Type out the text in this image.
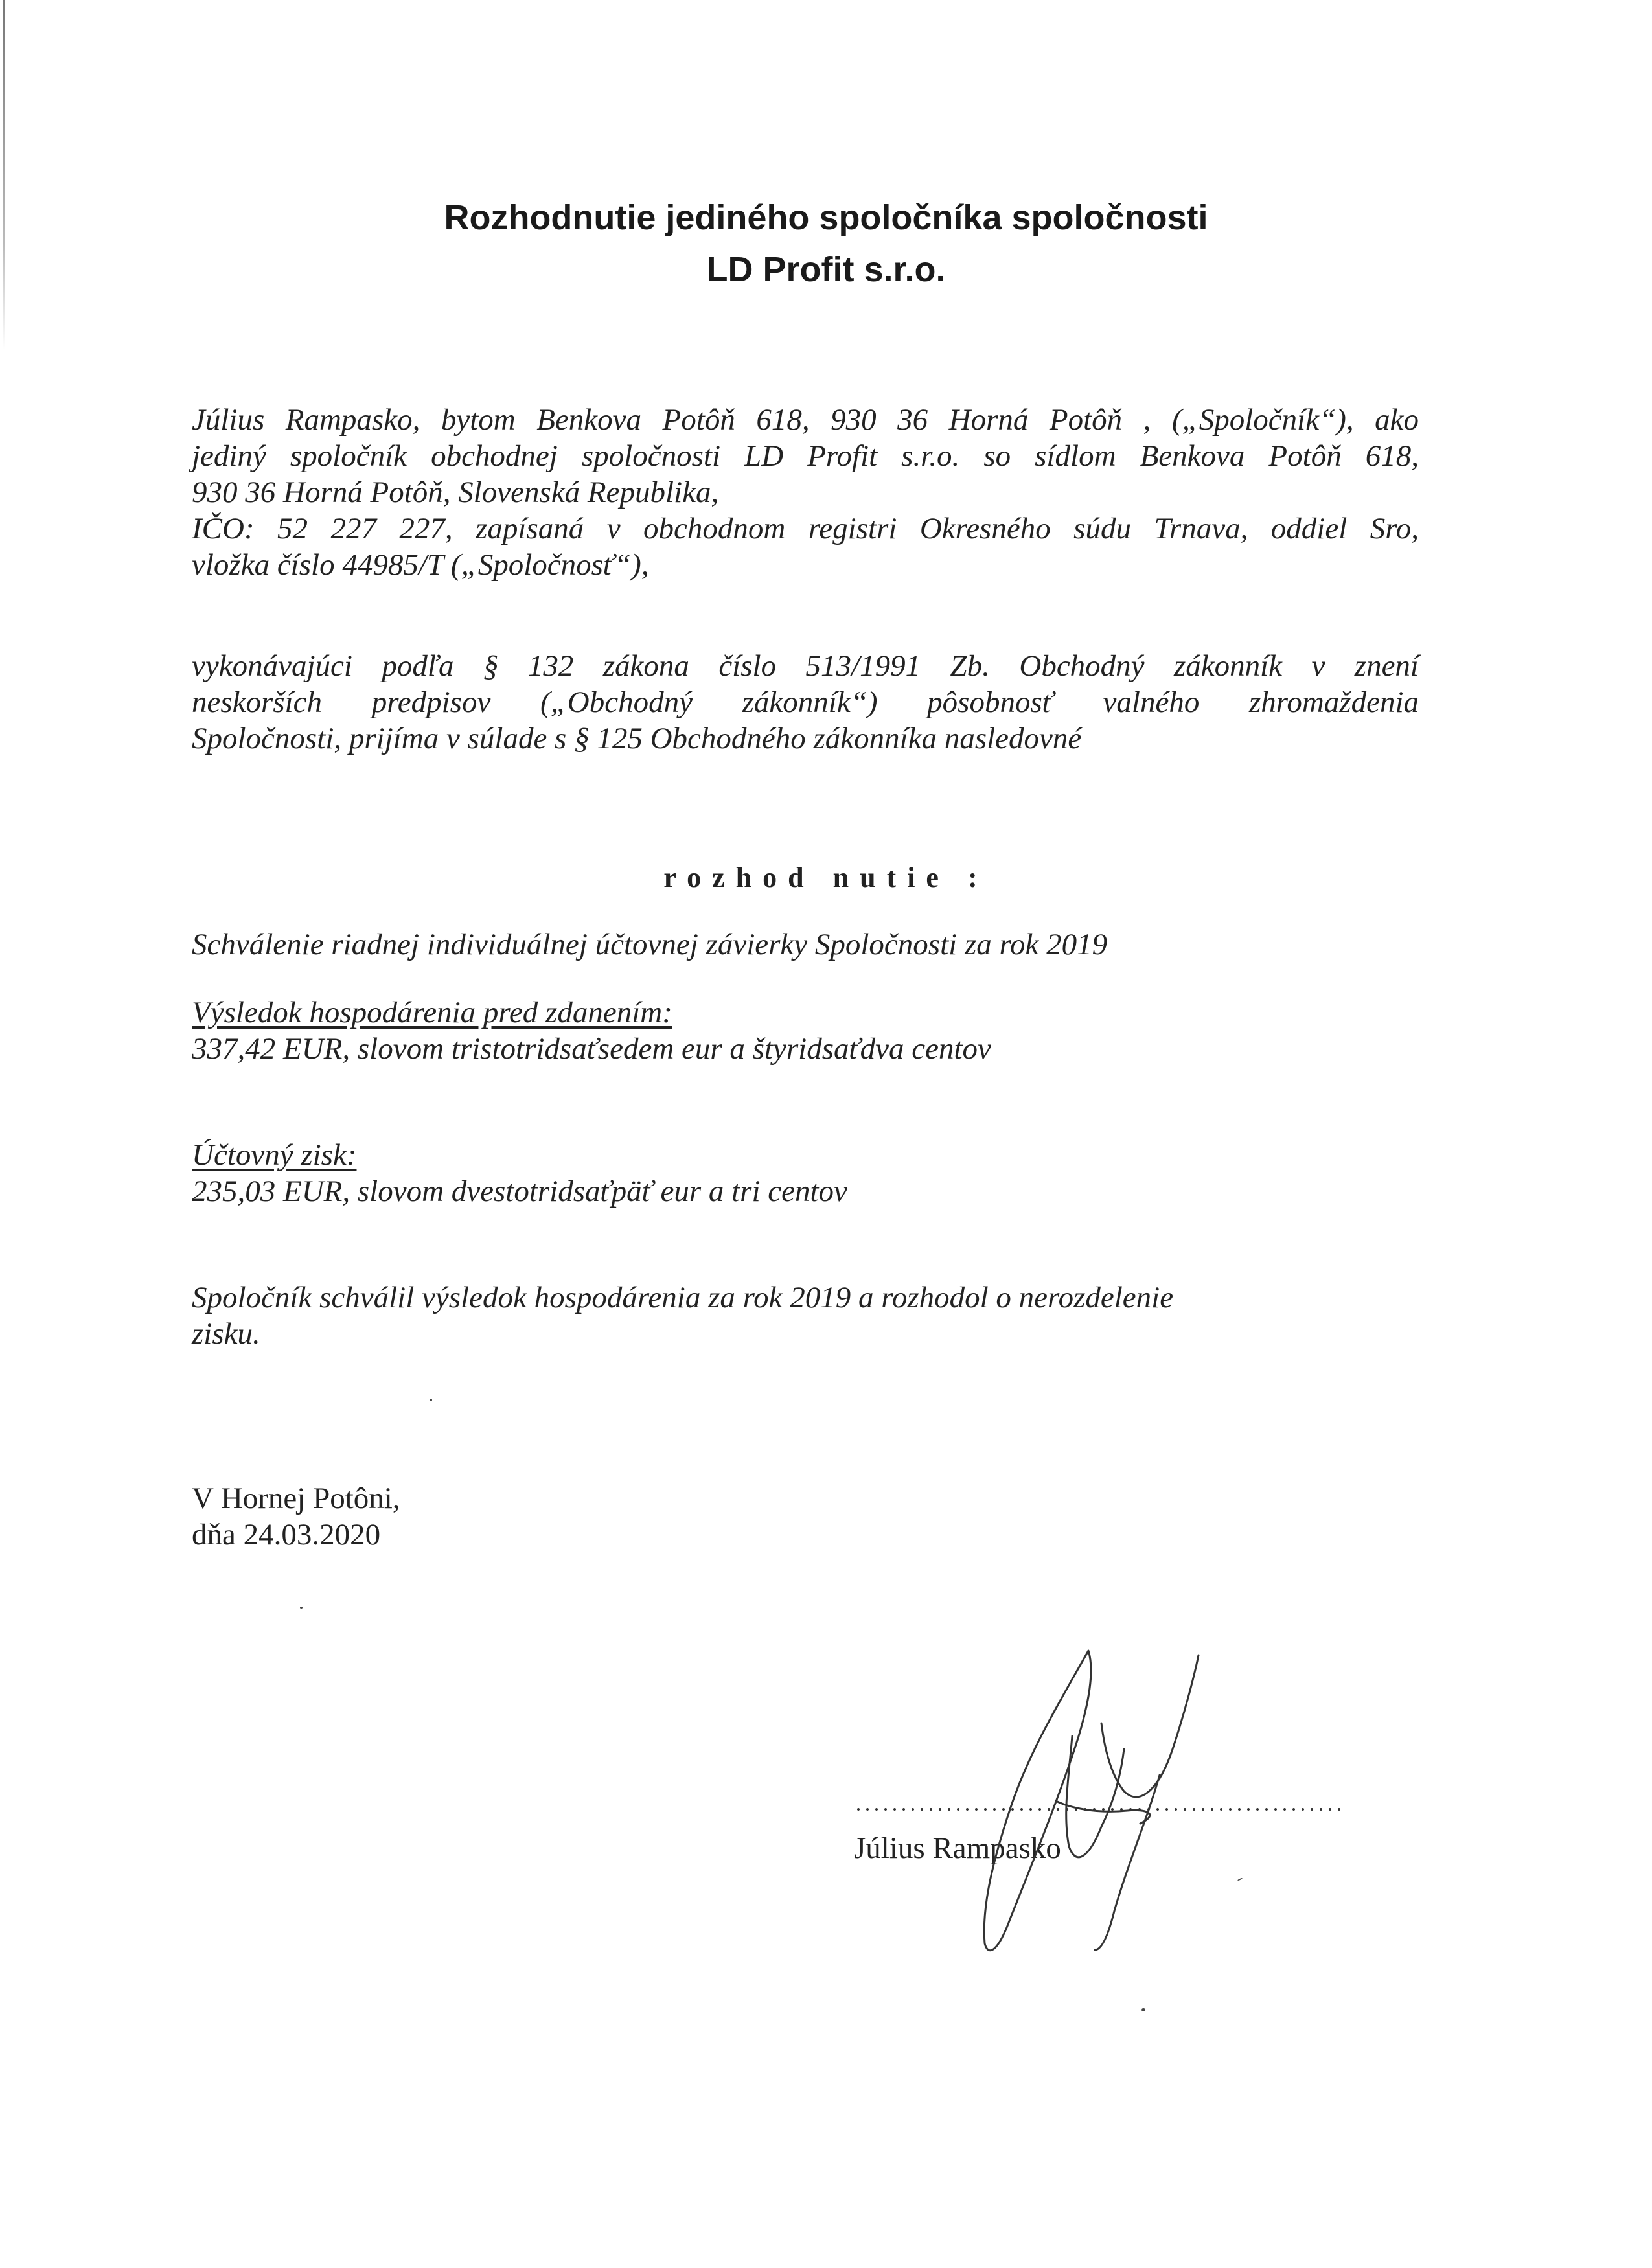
Rozhodnutie jediného spoločníka spoločnosti
LD Profit s.r.o.
Július Rampasko, bytom Benkova Potôň 618, 930 36 Horná Potôň , („Spoločník“), ako
jediný spoločník obchodnej spoločnosti LD Profit s.r.o. so sídlom Benkova Potôň 618,
930 36 Horná Potôň, Slovenská Republika,
IČO: 52 227 227, zapísaná v obchodnom registri Okresného súdu Trnava, oddiel Sro,
vložka číslo 44985/T („Spoločnosť“),
vykonávajúci podľa § 132 zákona číslo 513/1991 Zb. Obchodný zákonník v znení
neskorších predpisov („Obchodný zákonník“) pôsobnosť valného zhromaždenia
Spoločnosti, prijíma v súlade s § 125 Obchodného zákonníka nasledovné
rozhod nutie :
Schválenie riadnej individuálnej účtovnej závierky Spoločnosti za rok 2019
Výsledok hospodárenia pred zdanením:
337,42 EUR, slovom tristotridsaťsedem eur a štyridsaťdva centov
Účtovný zisk:
235,03 EUR, slovom dvestotridsaťpäť eur a tri centov
Spoločník schválil výsledok hospodárenia za rok 2019 a rozhodol o nerozdelenie
zisku.
V Hornej Potôni,
dňa 24.03.2020
Július Rampasko
